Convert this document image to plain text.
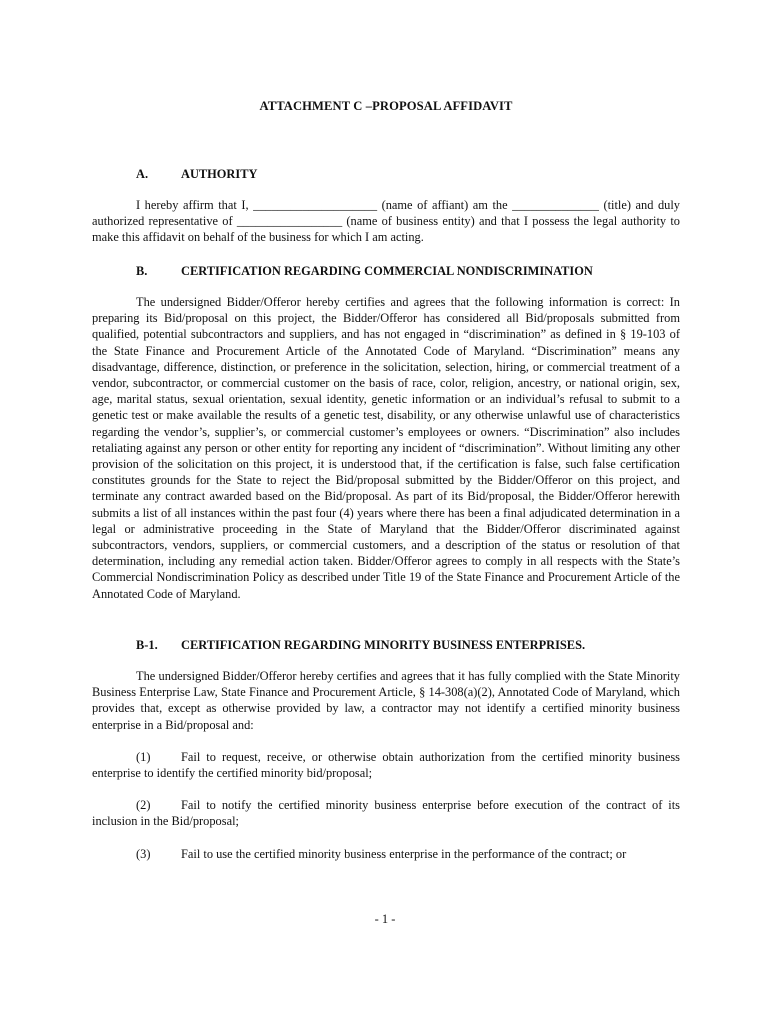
ATTACHMENT C –PROPOSAL AFFIDAVIT
A.	AUTHORITY

I hereby affirm that I, ____________________ (name of affiant) am the ______________ (title) and duly authorized representative of _________________ (name of business entity) and that I possess the legal authority to make this affidavit on behalf of the business for which I am acting.

B.	CERTIFICATION REGARDING COMMERCIAL NONDISCRIMINATION

The undersigned Bidder/Offeror hereby certifies and agrees that the following information is correct: In preparing its Bid/proposal on this project, the Bidder/Offeror has considered all Bid/proposals submitted from qualified, potential subcontractors and suppliers, and has not engaged in “discrimination” as defined in § 19-103 of the State Finance and Procurement Article of the Annotated Code of Maryland. “Discrimination” means any disadvantage, difference, distinction, or preference in the solicitation, selection, hiring, or commercial treatment of a vendor, subcontractor, or commercial customer on the basis of race, color, religion, ancestry, or national origin, sex, age, marital status, sexual orientation, sexual identity, genetic information or an individual’s refusal to submit to a genetic test or make available the results of a genetic test, disability, or any otherwise unlawful use of characteristics regarding the vendor’s, supplier’s, or commercial customer’s employees or owners. “Discrimination” also includes retaliating against any person or other entity for reporting any incident of “discrimination”. Without limiting any other provision of the solicitation on this project, it is understood that, if the certification is false, such false certification constitutes grounds for the State to reject the Bid/proposal submitted by the Bidder/Offeror on this project, and terminate any contract awarded based on the Bid/proposal. As part of its Bid/proposal, the Bidder/Offeror herewith submits a list of all instances within the past four (4) years where there has been a final adjudicated determination in a legal or administrative proceeding in the State of Maryland that the Bidder/Offeror discriminated against subcontractors, vendors, suppliers, or commercial customers, and a description of the status or resolution of that determination, including any remedial action taken. Bidder/Offeror agrees to comply in all respects with the State’s Commercial Nondiscrimination Policy as described under Title 19 of the State Finance and Procurement Article of the Annotated Code of Maryland.

B-1. CERTIFICATION REGARDING MINORITY BUSINESS ENTERPRISES.

The undersigned Bidder/Offeror hereby certifies and agrees that it has fully complied with the State Minority Business Enterprise Law, State Finance and Procurement Article, § 14-308(a)(2), Annotated Code of Maryland, which provides that, except as otherwise provided by law, a contractor may not identify a certified minority business enterprise in a Bid/proposal and:

(1) Fail to request, receive, or otherwise obtain authorization from the certified minority business enterprise to identify the certified minority bid/proposal;

(2) Fail to notify the certified minority business enterprise before execution of the contract of its inclusion in the Bid/proposal;

(3) Fail to use the certified minority business enterprise in the performance of the contract; or

- 1 -
